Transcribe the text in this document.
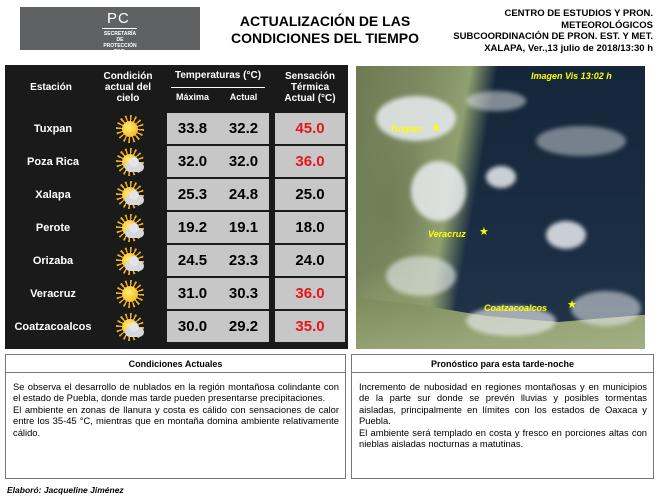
PC
SECRETARÍA DE PROTECCIÓN CIVIL
ACTUALIZACIÓN DE LAS
CONDICIONES DEL TIEMPO
CENTRO DE ESTUDIOS Y PRON.
METEOROLÓGICOS
SUBCOORDINACIÓN DE PRON. EST. Y MET.
XALAPA, Ver.,13 julio de 2018/13:30 h
Estación
Condición actual del cielo
Temperaturas (°C)
Máxima	Actual
Sensación Térmica Actual (°C)
Tuxpan	33.8	32.2	45.0
Poza Rica	32.0	32.0	36.0
Xalapa	25.3	24.8	25.0
Perote	19.2	19.1	18.0
Orizaba	24.5	23.3	24.0
Veracruz	31.0	30.3	36.0
Coatzacoalcos	30.0	29.2	35.0
Imagen Vis 13:02 h
Tuxpan ★
Veracruz ★
Coatzacoalcos ★
Condiciones Actuales

Se observa el desarrollo de nublados en la región montañosa colindante con el estado de Puebla, donde mas tarde pueden presentarse precipitaciones.

El ambiente en zonas de llanura y costa es cálido con sensaciones de calor entre los 35-45 °C, mientras que en montaña domina ambiente relativamente cálido.

Pronóstico para esta tarde-noche

Incremento de nubosidad en regiones montañosas y en municipios de la parte sur donde se prevén lluvias y posibles tormentas aisladas, principalmente en límites con los estados de Oaxaca y Puebla.

El ambiente será templado en costa y fresco en porciones altas con nieblas aisladas nocturnas a matutinas.

Elaboró: Jacqueline Jiménez
